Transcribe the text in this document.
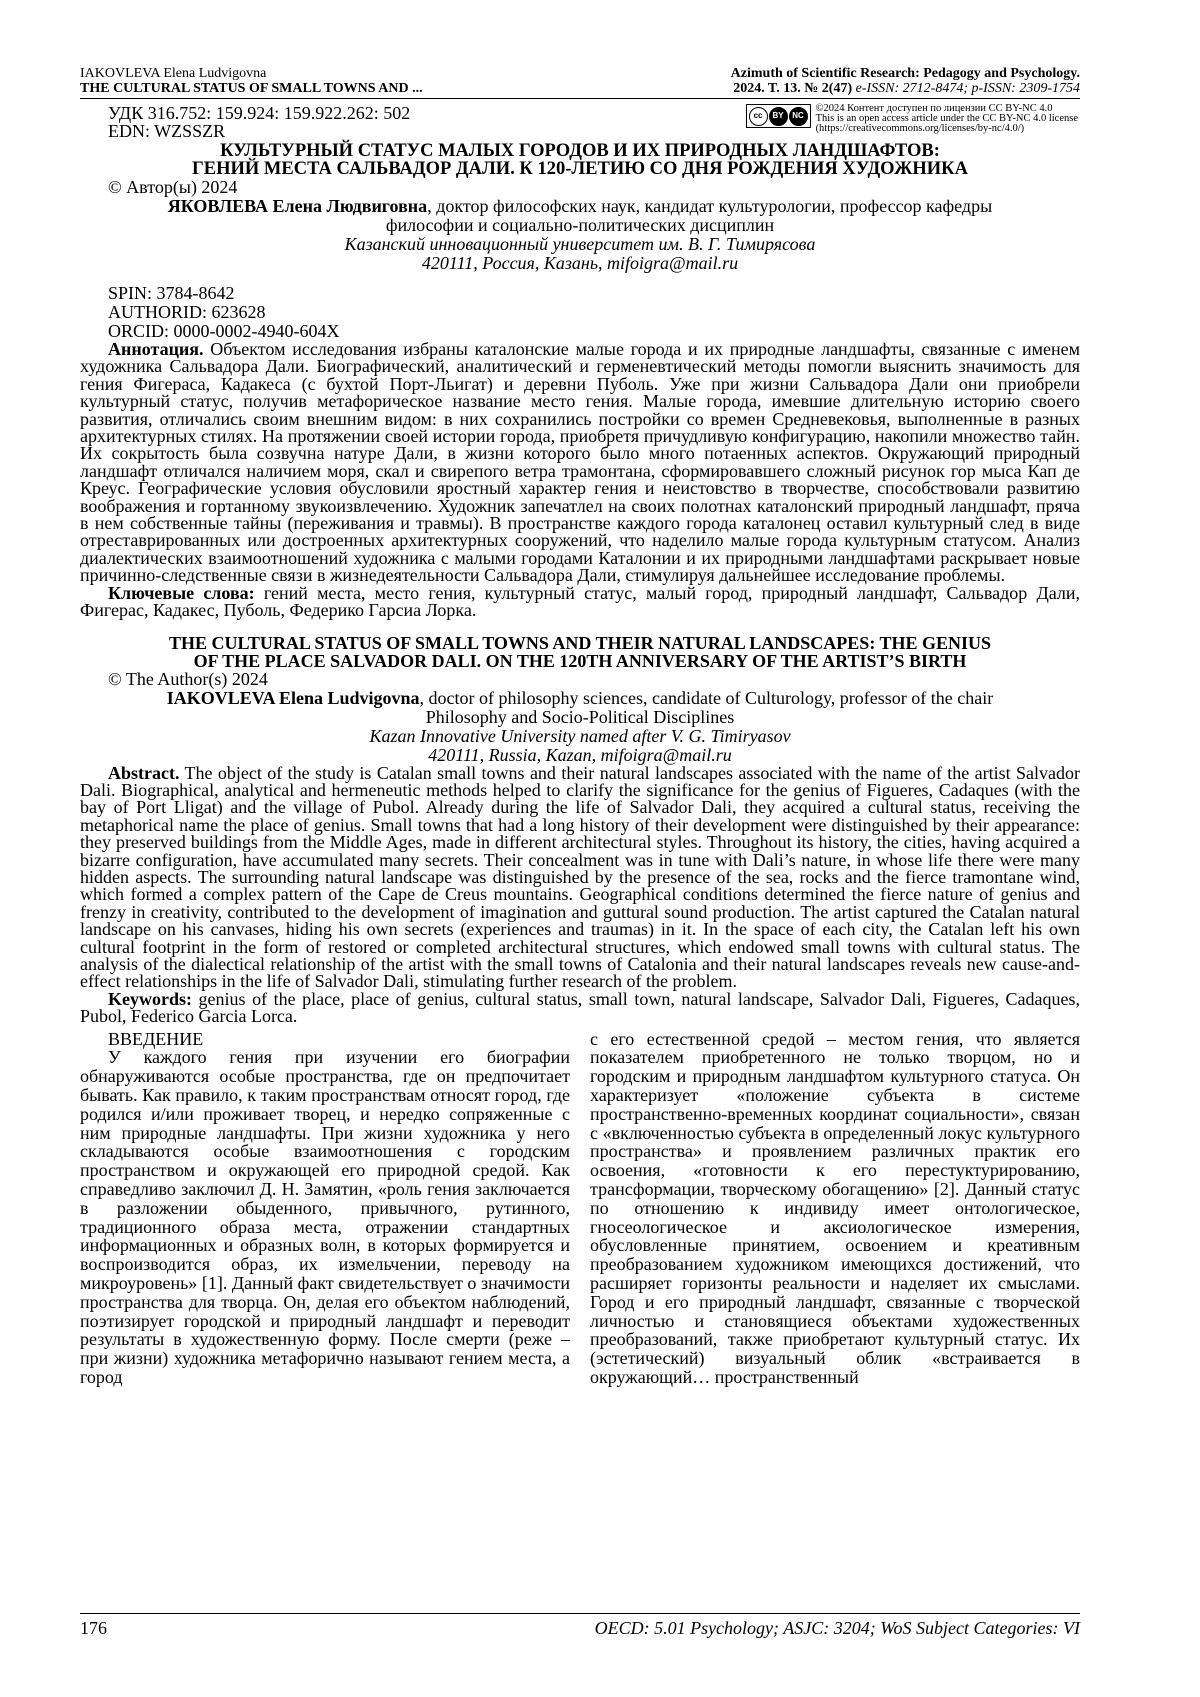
IAKOVLEVA Elena Ludvigovna
THE CULTURAL STATUS OF SMALL TOWNS AND ...
Azimuth of Scientific Research: Pedagogy and Psychology.
2024. T. 13. № 2(47) e-ISSN: 2712-8474; p-ISSN: 2309-1754
УДК 316.752: 159.924: 159.922.262: 502
EDN: WZSSZR
cc	BY	NC
©2024 Контент доступен по лицензии CC BY-NC 4.0
This is an open access article under the CC BY-NC 4.0 license
(https://creativecommons.org/licenses/by-nc/4.0/)
КУЛЬТУРНЫЙ СТАТУС МАЛЫХ ГОРОДОВ И ИХ ПРИРОДНЫХ ЛАНДШАФТОВ:
ГЕНИЙ МЕСТА САЛЬВАДОР ДАЛИ. К 120-ЛЕТИЮ СО ДНЯ РОЖДЕНИЯ ХУДОЖНИКА
© Автор(ы) 2024
ЯКОВЛЕВА Елена Людвиговна, доктор философских наук, кандидат культурологии, профессор кафедры
философии и социально-политических дисциплин
Казанский инновационный университет им. В. Г. Тимирясова
420111, Россия, Казань, mifoigra@mail.ru
SPIN: 3784-8642
AUTHORID: 623628
ORCID: 0000-0002-4940-604X

Аннотация. Объектом исследования избраны каталонские малые города и их природные ландшафты, связанные с именем художника Сальвадора Дали. Биографический, аналитический и герменевтический методы помогли выяснить значимость для гения Фигераса, Кадакеса (с бухтой Порт-Льигат) и деревни Пуболь. Уже при жизни Сальвадора Дали они приобрели культурный статус, получив метафорическое название место гения. Малые города, имевшие длительную историю своего развития, отличались своим внешним видом: в них сохранились постройки со времен Средневековья, выполненные в разных архитектурных стилях. На протяжении своей истории города, приобретя причудливую конфигурацию, накопили множество тайн. Их сокрытость была созвучна натуре Дали, в жизни которого было много потаенных аспектов. Окружающий природный ландшафт отличался наличием моря, скал и свирепого ветра трамонтана, сформировавшего сложный рисунок гор мыса Кап де Креус. Географические условия обусловили яростный характер гения и неистовство в творчестве, способствовали развитию воображения и гортанному звукоизвлечению. Художник запечатлел на своих полотнах каталонский природный ландшафт, пряча в нем собственные тайны (переживания и травмы). В пространстве каждого города каталонец оставил культурный след в виде отреставрированных или достроенных архитектурных сооружений, что наделило малые города культурным статусом. Анализ диалектических взаимоотношений художника с малыми городами Каталонии и их природными ландшафтами раскрывает новые причинно-следственные связи в жизнедеятельности Сальвадора Дали, стимулируя дальнейшее исследование проблемы.

Ключевые слова: гений места, место гения, культурный статус, малый город, природный ландшафт, Сальвадор Дали, Фигерас, Кадакес, Пуболь, Федерико Гарсиа Лорка.

THE CULTURAL STATUS OF SMALL TOWNS AND THEIR NATURAL LANDSCAPES: THE GENIUS
OF THE PLACE SALVADOR DALI. ON THE 120TH ANNIVERSARY OF THE ARTIST’S BIRTH
© The Author(s) 2024
IAKOVLEVA Elena Ludvigovna, doctor of philosophy sciences, candidate of Culturology, professor of the chair
Philosophy and Socio-Political Disciplines
Kazan Innovative University named after V. G. Timiryasov
420111, Russia, Kazan, mifoigra@mail.ru

Abstract. The object of the study is Catalan small towns and their natural landscapes associated with the name of the artist Salvador Dali. Biographical, analytical and hermeneutic methods helped to clarify the significance for the genius of Figueres, Cadaques (with the bay of Port Lligat) and the village of Pubol. Already during the life of Salvador Dali, they acquired a cultural status, receiving the metaphorical name the place of genius. Small towns that had a long history of their development were distinguished by their appearance: they preserved buildings from the Middle Ages, made in different architectural styles. Throughout its history, the cities, having acquired a bizarre configuration, have accumulated many secrets. Their concealment was in tune with Dali’s nature, in whose life there were many hidden aspects. The surrounding natural landscape was distinguished by the presence of the sea, rocks and the fierce tramontane wind, which formed a complex pattern of the Cape de Creus mountains. Geographical conditions determined the fierce nature of genius and frenzy in creativity, contributed to the development of imagination and guttural sound production. The artist captured the Catalan natural landscape on his canvases, hiding his own secrets (experiences and traumas) in it. In the space of each city, the Catalan left his own cultural footprint in the form of restored or completed architectural structures, which endowed small towns with cultural status. The analysis of the dialectical relationship of the artist with the small towns of Catalonia and their natural landscapes reveals new cause-and-effect relationships in the life of Salvador Dali, stimulating further research of the problem.

Keywords: genius of the place, place of genius, cultural status, small town, natural landscape, Salvador Dali, Figueres, Cadaques, Pubol, Federico Garcia Lorca.

ВВЕДЕНИЕ

У каждого гения при изучении его биографии обнаруживаются особые пространства, где он предпочитает бывать. Как правило, к таким пространствам относят город, где родился и/или проживает творец, и нередко сопряженные с ним природные ландшафты. При жизни художника у него складываются особые взаимоотношения с городским пространством и окружающей его природной средой. Как справедливо заключил Д. Н. Замятин, «роль гения заключается в разложении обыденного, привычного, рутинного, традиционного образа места, отражении стандартных информационных и образных волн, в которых формируется и воспроизводится образ, их измельчении, переводу на микроуровень» [1]. Данный факт свидетельствует о значимости пространства для творца. Он, делая его объектом наблюдений, поэтизирует городской и природный ландшафт и переводит результаты в художественную форму. После смерти (реже – при жизни) художника метафорично называют гением места, а город

с его естественной средой – местом гения, что является показателем приобретенного не только творцом, но и городским и природным ландшафтом культурного статуса. Он характеризует «положение субъекта в системе пространственно-временных координат социальности», связан с «включенностью субъекта в определенный локус культурного пространства» и проявлением различных практик его освоения, «готовности к его перестуктурированию, трансформации, творческому обогащению» [2]. Данный статус по отношению к индивиду имеет онтологическое, гносеологическое и аксиологическое измерения, обусловленные принятием, освоением и креативным преобразованием художником имеющихся достижений, что расширяет горизонты реальности и наделяет их смыслами. Город и его природный ландшафт, связанные с творческой личностью и становящиеся объектами художественных преобразований, также приобретают культурный статус. Их (эстетический) визуальный облик «встраивается в окружающий… пространственный

176	OECD: 5.01 Psychology; ASJC: 3204; WoS Subject Categories: VI
